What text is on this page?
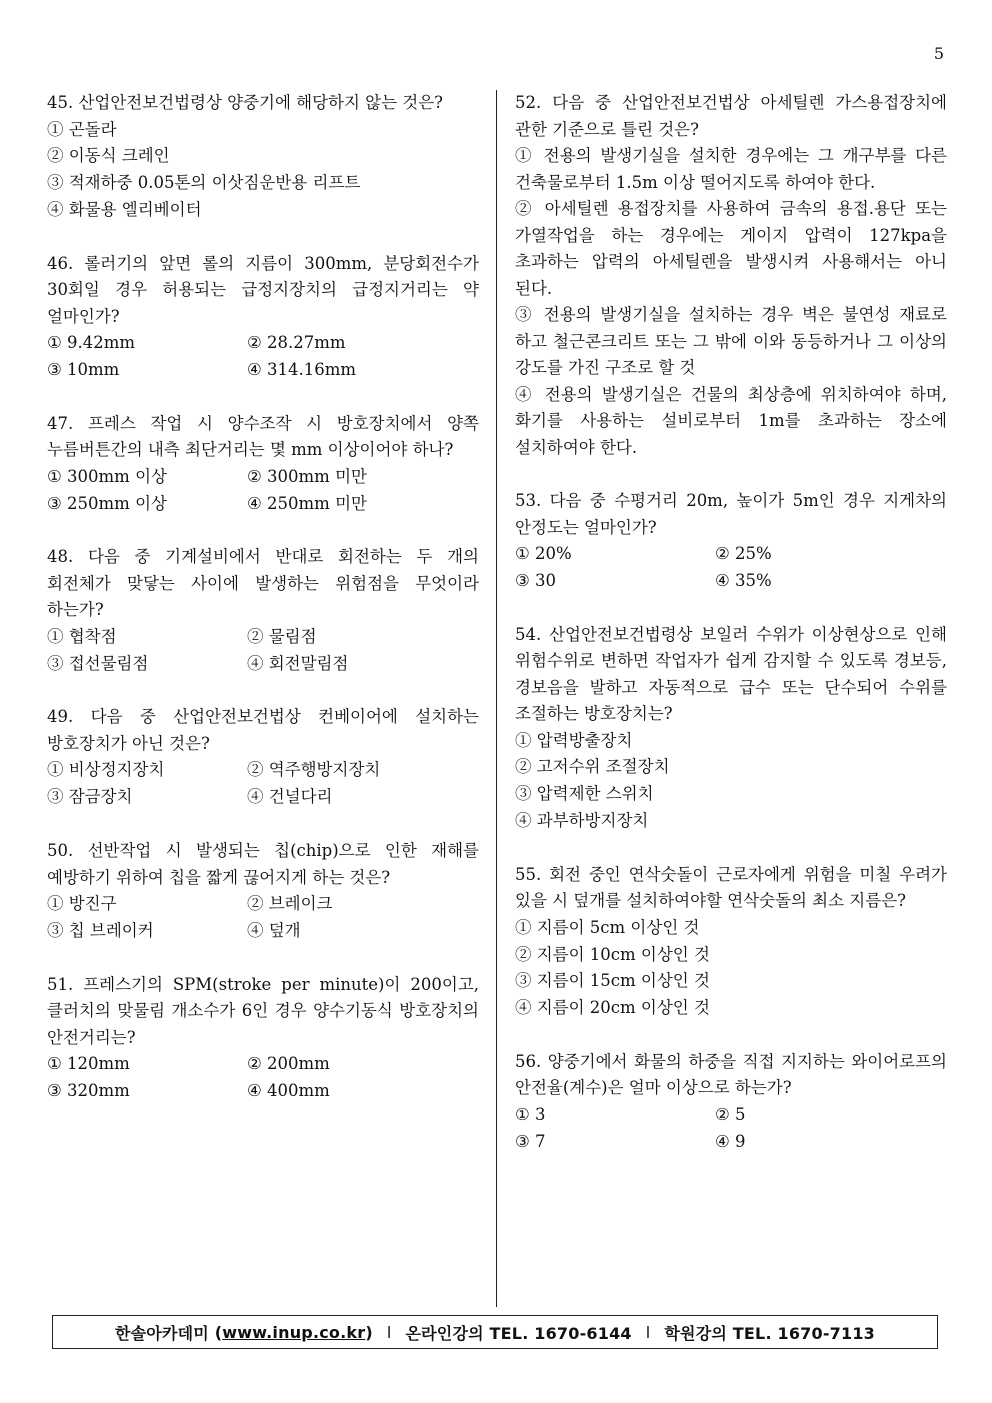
5

45. 산업안전보건법령상 양중기에 해당하지 않는 것은?

① 곤돌라
② 이동식 크레인
③ 적재하중 0.05톤의 이삿짐운반용 리프트
④ 화물용 엘리베이터

46. 롤러기의 앞면 롤의 지름이 300mm, 분당회전수가 30회일 경우 허용되는 급정지장치의 급정지거리는 약 얼마인가?

① 9.42mm	② 28.27mm
③ 10mm	④ 314.16mm

47. 프레스 작업 시 양수조작 시 방호장치에서 양쪽 누름버튼간의 내측 최단거리는 몇 mm 이상이어야 하나?

① 300mm 이상	② 300mm 미만
③ 250mm 이상	④ 250mm 미만

48. 다음 중 기계설비에서 반대로 회전하는 두 개의 회전체가 맞닿는 사이에 발생하는 위험점을 무엇이라 하는가?

① 협착점	② 물림점
③ 접선물림점	④ 회전말림점

49. 다음 중 산업안전보건법상 컨베이어에 설치하는 방호장치가 아닌 것은?

① 비상정지장치	② 역주행방지장치
③ 잠금장치	④ 건널다리

50. 선반작업 시 발생되는 칩(chip)으로 인한 재해를 예방하기 위하여 칩을 짧게 끊어지게 하는 것은?

① 방진구	② 브레이크
③ 칩 브레이커	④ 덮개

51. 프레스기의 SPM(stroke per minute)이 200이고, 클러치의 맞물림 개소수가 6인 경우 양수기동식 방호장치의 안전거리는?

① 120mm	② 200mm
③ 320mm	④ 400mm

52. 다음 중 산업안전보건법상 아세틸렌 가스용접장치에 관한 기준으로 틀린 것은?

① 전용의 발생기실을 설치한 경우에는 그 개구부를 다른 건축물로부터 1.5m 이상 떨어지도록 하여야 한다.
② 아세틸렌 용접장치를 사용하여 금속의 용접.용단 또는 가열작업을 하는 경우에는 게이지 압력이 127kpa을 초과하는 압력의 아세틸렌을 발생시켜 사용해서는 아니 된다.
③ 전용의 발생기실을 설치하는 경우 벽은 불연성 재료로 하고 철근콘크리트 또는 그 밖에 이와 동등하거나 그 이상의 강도를 가진 구조로 할 것
④ 전용의 발생기실은 건물의 최상층에 위치하여야 하며, 화기를 사용하는 설비로부터 1m를 초과하는 장소에 설치하여야 한다.

53. 다음 중 수평거리 20m, 높이가 5m인 경우 지게차의 안정도는 얼마인가?

① 20%	② 25%
③ 30	④ 35%

54. 산업안전보건법령상 보일러 수위가 이상현상으로 인해 위험수위로 변하면 작업자가 쉽게 감지할 수 있도록 경보등, 경보음을 발하고 자동적으로 급수 또는 단수되어 수위를 조절하는 방호장치는?

① 압력방출장치
② 고저수위 조절장치
③ 압력제한 스위치
④ 과부하방지장치

55. 회전 중인 연삭숫돌이 근로자에게 위험을 미칠 우려가 있을 시 덮개를 설치하여야할 연삭숫돌의 최소 지름은?

① 지름이 5cm 이상인 것
② 지름이 10cm 이상인 것
③ 지름이 15cm 이상인 것
④ 지름이 20cm 이상인 것

56. 양중기에서 화물의 하중을 직접 지지하는 와이어로프의 안전율(계수)은 얼마 이상으로 하는가?

① 3	② 5
③ 7	④ 9
한솔아카데미 ( www.inup.co.kr ) l 온라인강의 TEL. 1670-6144 l 학원강의 TEL. 1670-7113
